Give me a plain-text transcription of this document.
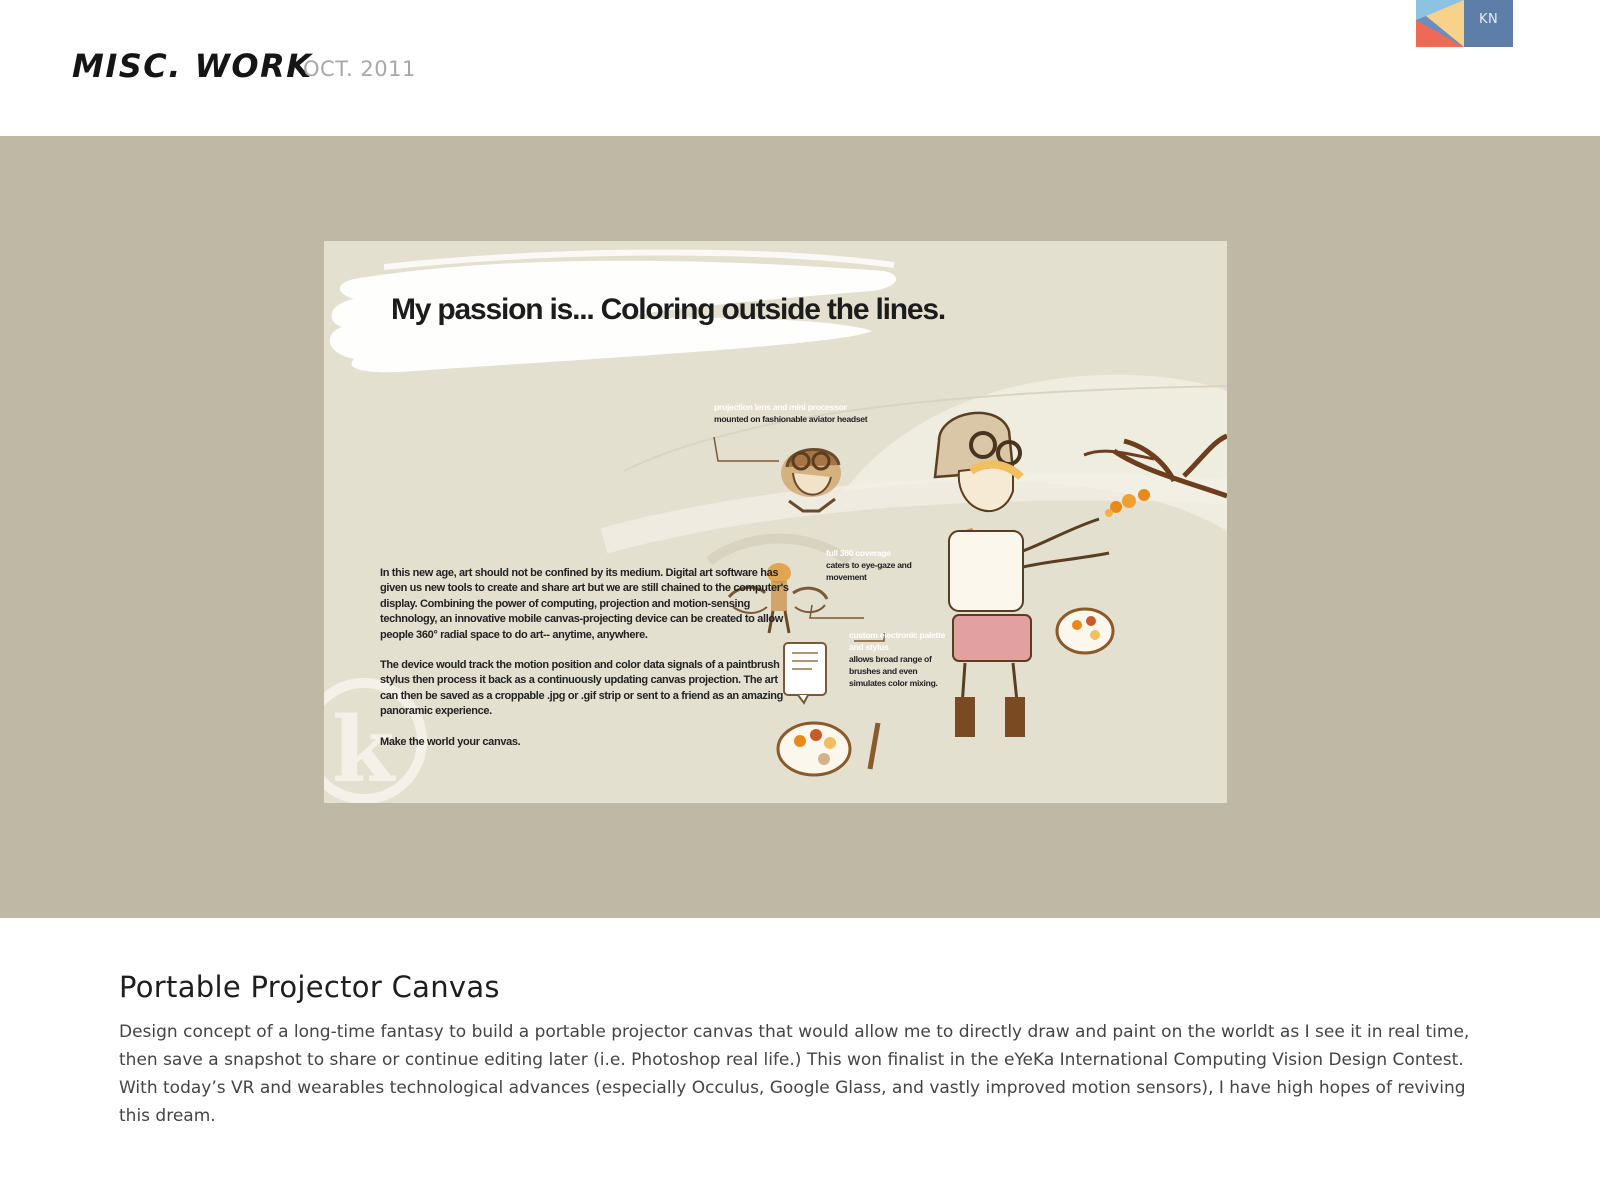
MISC. WORK
OCT. 2011
KN
k
My passion is... Coloring outside the lines.
projection lens and mini processor
mounted on fashionable aviator headset
full 360 coverage
caters to eye-gaze and movement
custom electronic palette and stylus
allows broad range of brushes and even simulates color mixing.

In this new age, art should not be confined by its medium. Digital art software has given us new tools to create and share art but we are still chained to the computer's display. Combining the power of computing, projection and motion-sensing technology, an innovative mobile canvas-projecting device can be created to allow people 360° radial space to do art-- anytime, anywhere.

The device would track the motion position and color data signals of a paintbrush stylus then process it back as a continuously updating canvas projection. The art can then be saved as a croppable .jpg or .gif strip or sent to a friend as an amazing panoramic experience.

Make the world your canvas.

Portable Projector Canvas

Design concept of a long-time fantasy to build a portable projector canvas that would allow me to directly draw and paint on the worldt as I see it in real time, then save a snapshot to share or continue editing later (i.e. Photoshop real life.) This won finalist in the eYeKa International Computing Vision Design Contest.

With today’s VR and wearables technological advances (especially Occulus, Google Glass, and vastly improved motion sensors), I have high hopes of reviving this dream.
